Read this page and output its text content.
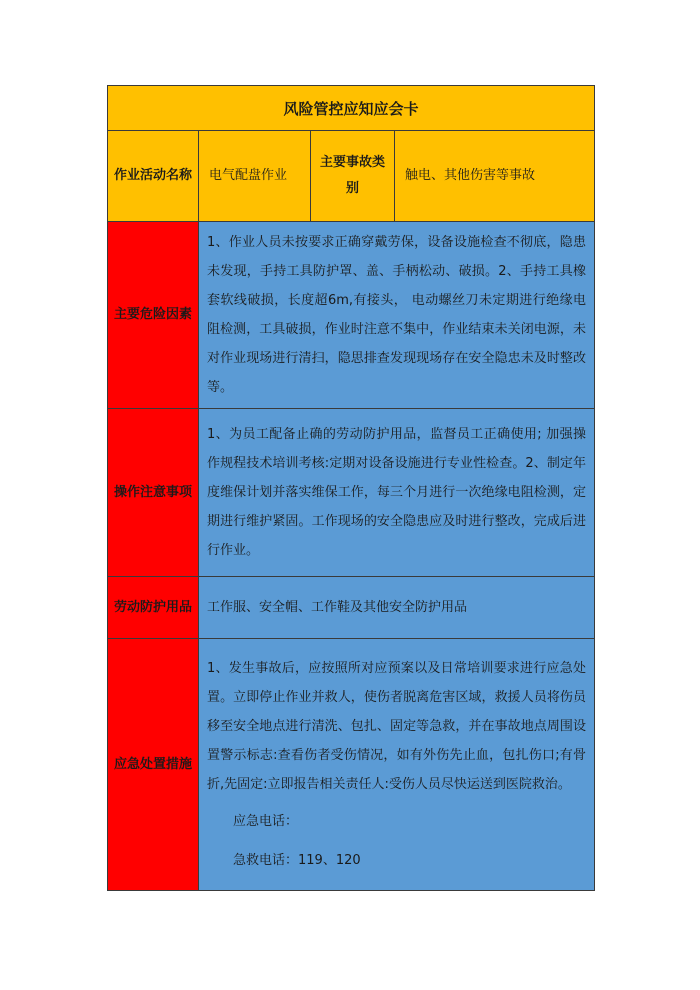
风险管控应知应会卡			
作业活动名称	电气配盘作业	主要事故类别	触电、其他伤害等事故
主要危险因素	1、作业人员未按要求正确穿戴劳保，设备设施检查不彻底，隐患未发现，手持工具防护罩、盖、手柄松动、破损。2、手持工具橡套软线破损，长度超6m,有接头， 电动螺丝刀未定期进行绝缘电阻检测，工具破损，作业时注意不集中，作业结束未关闭电源，未对作业现场进行清扫，隐思排查发现现场存在安全隐忠未及时整改等。		
操作注意事项	1、为员工配备止确的劳动防护用品，监督员工正确使用; 加强操作规程技术培训考核:定期对设备设施进行专业性检查。2、制定年度维保计划并落实维保工作，每三个月进行一次绝缘电阻检测，定期进行维护紧固。工作现场的安全隐患应及时进行整改，完成后进行作业。		
劳动防护用品	工作服、安全帽、工作鞋及其他安全防护用品		
应急处置措施	1、发生事故后，应按照所对应预案以及日常培训要求进行应急处置。立即停止作业并救人，使伤者脱离危害区域，救援人员将伤员移至安全地点进行清洗、包扎、固定等急救，并在事故地点周围设置警示标志:查看伤者受伤情况，如有外伤先止血，包扎伤口;有骨折,先固定:立即报告相关责任人:受伤人员尽快运送到医院救治。
应急电话：
急救电话：119、120		
